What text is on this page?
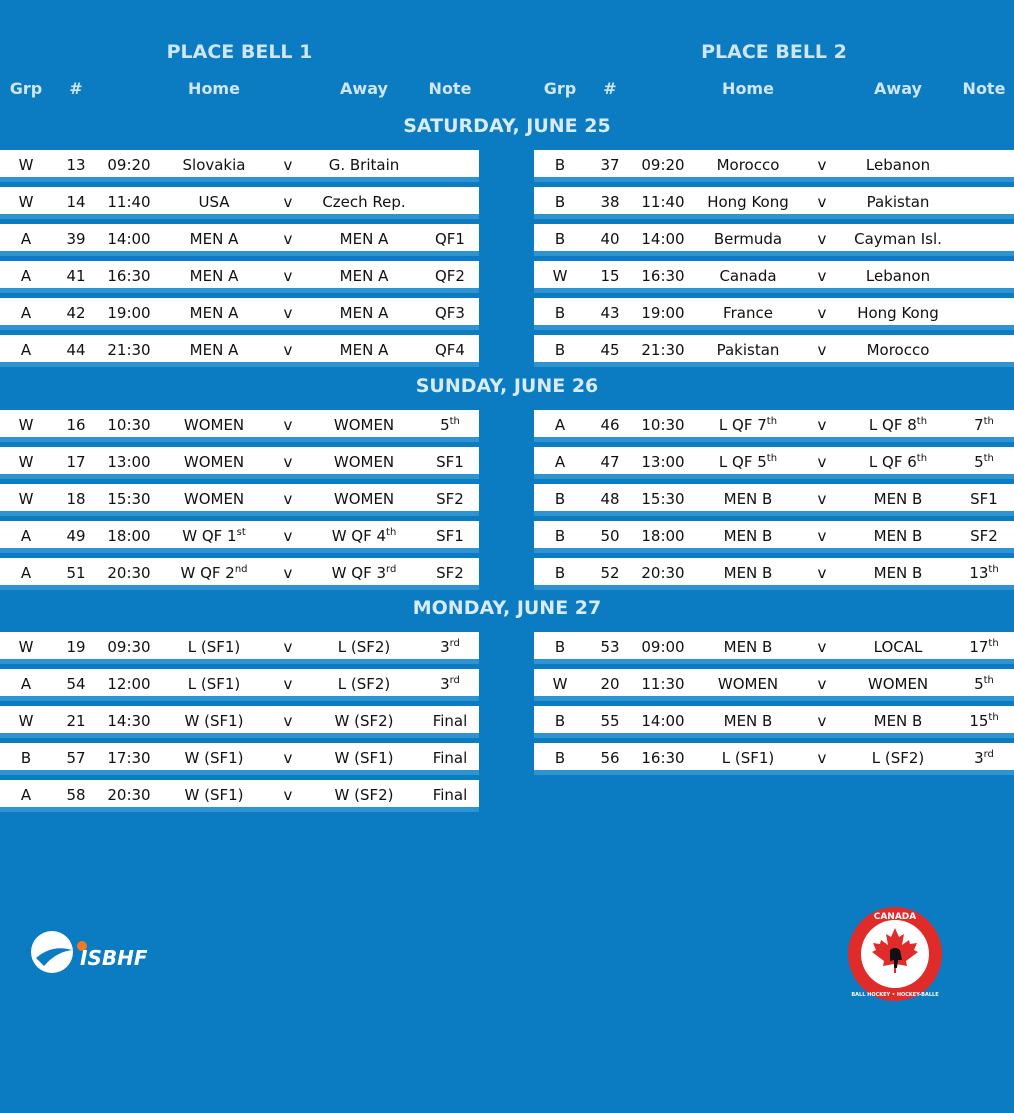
PLACE BELL 1	PLACE BELL 2
Grp	#	Home	Away	Note	Grp	#	Home	Away	Note
SATURDAY, JUNE 25
W	13	09:20	Slovakia	v	G. Britain
W	14	11:40	USA	v	Czech Rep.
A	39	14:00	MEN A	v	MEN A	QF1
A	41	16:30	MEN A	v	MEN A	QF2
A	42	19:00	MEN A	v	MEN A	QF3
A	44	21:30	MEN A	v	MEN A	QF4
B	37	09:20	Morocco	v	Lebanon
B	38	11:40	Hong Kong	v	Pakistan
B	40	14:00	Bermuda	v	Cayman Isl.
W	15	16:30	Canada	v	Lebanon
B	43	19:00	France	v	Hong Kong
B	45	21:30	Pakistan	v	Morocco
SUNDAY, JUNE 26
W	16	10:30	WOMEN	v	WOMEN	5th
W	17	13:00	WOMEN	v	WOMEN	SF1
W	18	15:30	WOMEN	v	WOMEN	SF2
A	49	18:00	W QF 1st	v	W QF 4th	SF1
A	51	20:30	W QF 2nd	v	W QF 3rd	SF2
A	46	10:30	L QF 7th	v	L QF 8th	7th
A	47	13:00	L QF 5th	v	L QF 6th	5th
B	48	15:30	MEN B	v	MEN B	SF1
B	50	18:00	MEN B	v	MEN B	SF2
B	52	20:30	MEN B	v	MEN B	13th
MONDAY, JUNE 27
W	19	09:30	L (SF1)	v	L (SF2)	3rd
A	54	12:00	L (SF1)	v	L (SF2)	3rd
W	21	14:30	W (SF1)	v	W (SF2)	Final
B	57	17:30	W (SF1)	v	W (SF1)	Final
A	58	20:30	W (SF1)	v	W (SF2)	Final
B	53	09:00	MEN B	v	LOCAL	17th
W	20	11:30	WOMEN	v	WOMEN	5th
B	55	14:00	MEN B	v	MEN B	15th
B	56	16:30	L (SF1)	v	L (SF2)	3rd
ISBHF
CANADA
BALL HOCKEY • HOCKEY-BALLE
